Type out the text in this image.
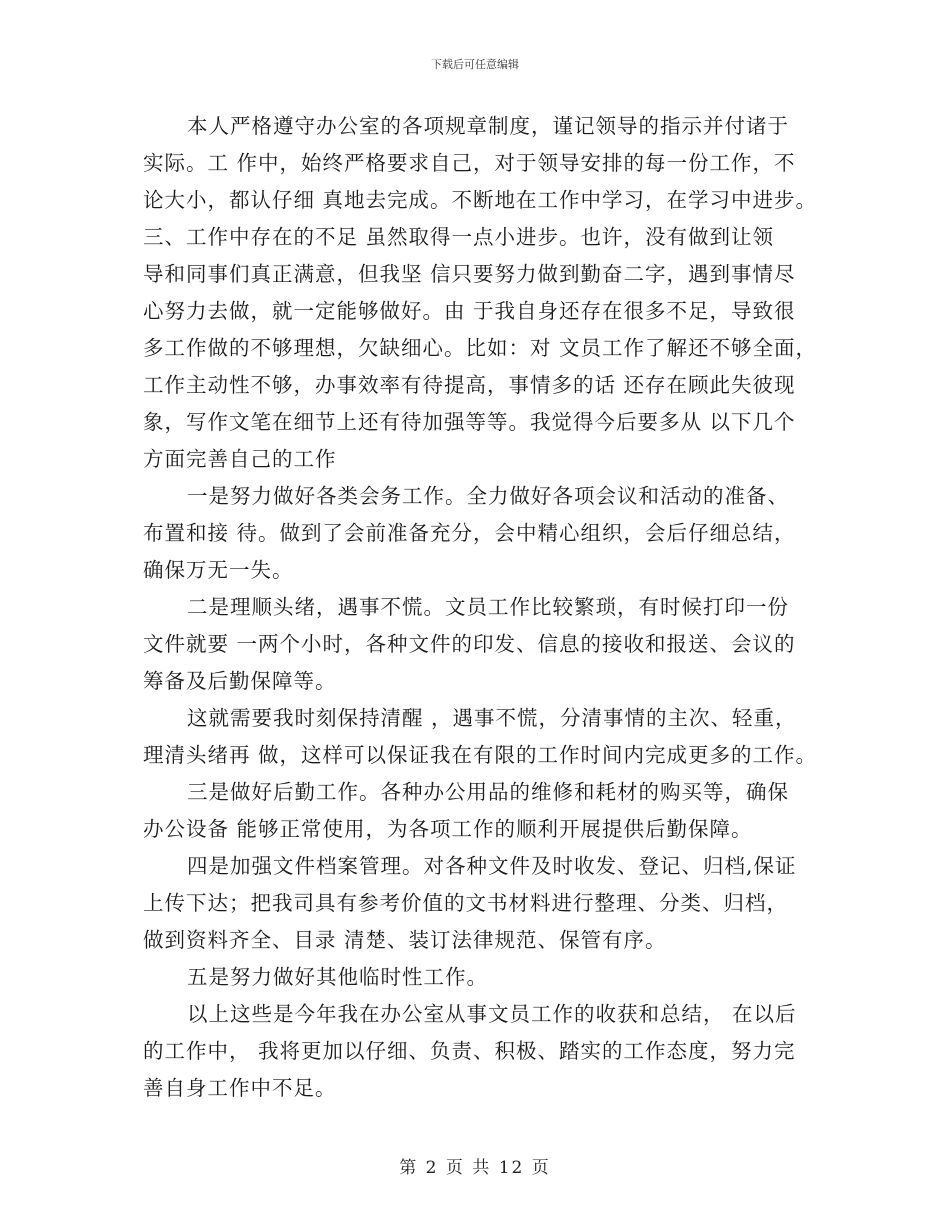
下载后可任意编辑
本人严格遵守办公室的各项规章制度，谨记领导的指示并付诸于
实际。工 作中，始终严格要求自己，对于领导安排的每一份工作，不
论大小，都认仔细 真地去完成。不断地在工作中学习，在学习中进步。
三、工作中存在的不足 虽然取得一点小进步。也许，没有做到让领
导和同事们真正满意，但我坚 信只要努力做到勤奋二字，遇到事情尽
心努力去做，就一定能够做好。由 于我自身还存在很多不足，导致很
多工作做的不够理想，欠缺细心。比如：对 文员工作了解还不够全面，
工作主动性不够，办事效率有待提高，事情多的话 还存在顾此失彼现
象，写作文笔在细节上还有待加强等等。我觉得今后要多从 以下几个
方面完善自己的工作
一是努力做好各类会务工作。全力做好各项会议和活动的准备、
布置和接 待。做到了会前准备充分，会中精心组织，会后仔细总结，
确保万无一失。
二是理顺头绪，遇事不慌。文员工作比较繁琐，有时候打印一份
文件就要 一两个小时，各种文件的印发、信息的接收和报送、会议的
筹备及后勤保障等。
这就需要我时刻保持清醒 ，遇事不慌，分清事情的主次、轻重，
理清头绪再 做，这样可以保证我在有限的工作时间内完成更多的工作。
三是做好后勤工作。各种办公用品的维修和耗材的购买等，确保
办公设备 能够正常使用，为各项工作的顺利开展提供后勤保障。
四是加强文件档案管理。对各种文件及时收发、登记、归档,保证
上传下达；把我司具有参考价值的文书材料进行整理、分类、归档，
做到资料齐全、目录 清楚、装订法律规范、保管有序。
五是努力做好其他临时性工作。
以上这些是今年我在办公室从事文员工作的收获和总结， 在以后
的工作中， 我将更加以仔细、负责、积极、踏实的工作态度，努力完
善自身工作中不足。
第 2 页 共 12 页
